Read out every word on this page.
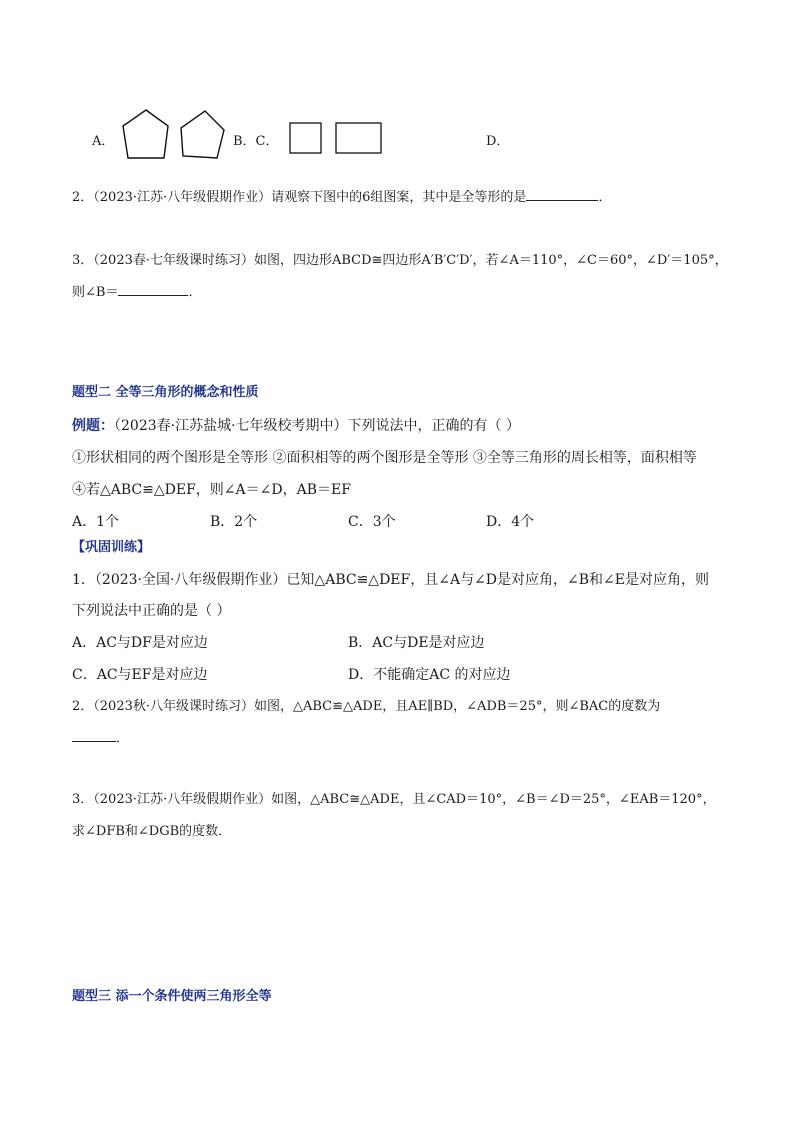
A．	B．C．	D．
2．（2023·江苏·八年级假期作业）请观察下图中的6组图案，其中是全等形的是	．
3．（2023春·七年级课时练习）如图，四边形ABCD≅四边形A′B′C′D′，若∠A＝110°，∠C＝60°，∠D′＝105°，
则∠B＝	．
题型二 全等三角形的概念和性质
例题：（2023春·江苏盐城·七年级校考期中）下列说法中，正确的有（ ）
①形状相同的两个图形是全等形 ②面积相等的两个图形是全等形 ③全等三角形的周长相等，面积相等
④若△ABC≌△DEF，则∠A＝∠D，AB＝EF
A．1个	B．2个	C．3个	D．4个
【巩固训练】
1．（2023·全国·八年级假期作业）已知△ABC≌△DEF，且∠A与∠D是对应角，∠B和∠E是对应角，则
下列说法中正确的是（ ）
A．AC与DF是对应边	B．AC与DE是对应边
C．AC与EF是对应边	D．不能确定AC 的对应边
2．（2023秋·八年级课时练习）如图，△ABC≌△ADE，且AE∥BD，∠ADB＝25°，则∠BAC的度数为
．
3．（2023·江苏·八年级假期作业）如图，△ABC≅△ADE，且∠CAD＝10°，∠B＝∠D＝25°，∠EAB＝120°，
求∠DFB和∠DGB的度数．
题型三 添一个条件使两三角形全等
